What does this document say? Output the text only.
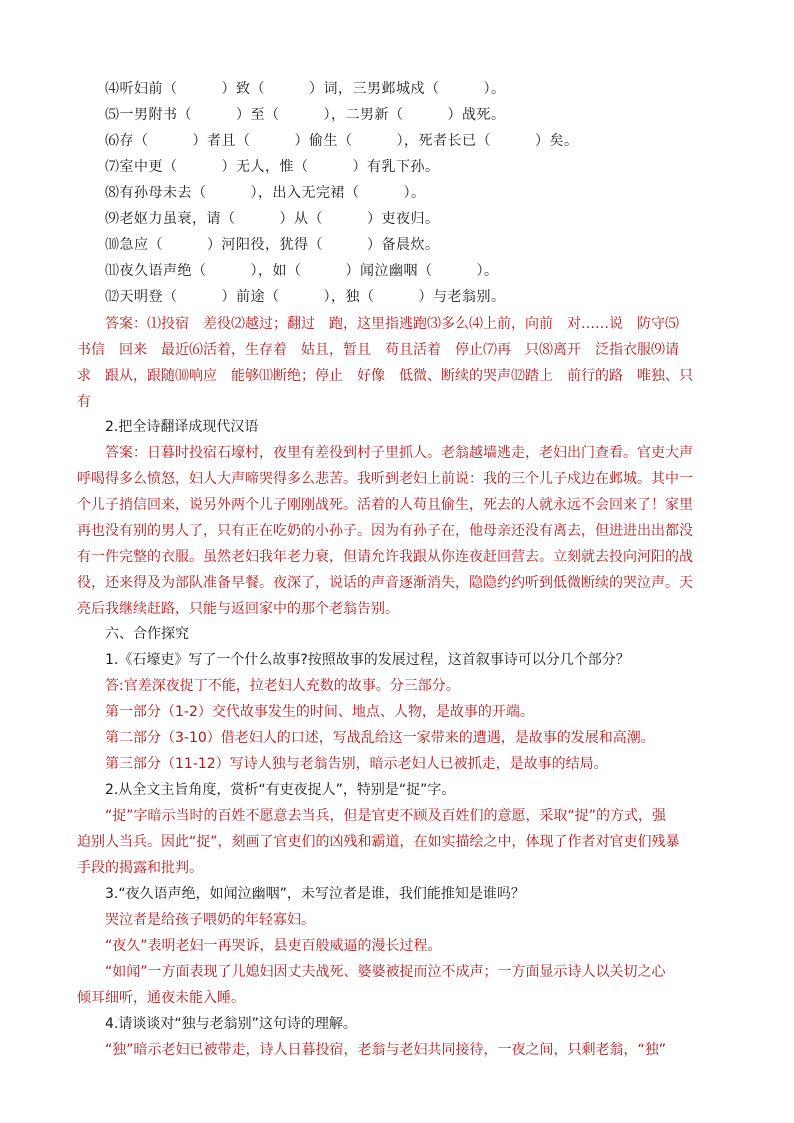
⑷听妇前（	）致（	）词，三男邺城戍（	）。
⑸一男附书（	）至（	），二男新（	）战死。
⑹存（	）者且（	）偷生（	），死者长已（	）矣。
⑺室中更（	）无人，惟（	）有乳下孙。
⑻有孙母未去（	），出入无完裙（	）。
⑼老妪力虽衰，请（	）从（	）吏夜归。
⑽急应（	）河阳役，犹得（	）备晨炊。
⑾夜久语声绝（	），如（	）闻泣幽咽（	）。
⑿天明登（	）前途（	），独（	）与老翁别。
答案：⑴投宿　差役⑵越过；翻过　跑，这里指逃跑⑶多么⑷上前，向前　对……说　防守⑸
书信　回来　最近⑹活着，生存着　姑且，暂且　苟且活着　停止⑺再　只⑻离开　泛指衣服⑼请
求　跟从，跟随⑽响应　能够⑾断绝；停止　好像　低微、断续的哭声⑿踏上　前行的路　唯独、只
有
2.把全诗翻译成现代汉语
答案：日暮时投宿石壕村，夜里有差役到村子里抓人。老翁越墙逃走，老妇出门查看。官吏大声
呼喝得多么愤怒，妇人大声啼哭得多么悲苦。我听到老妇上前说：我的三个儿子戍边在邺城。其中一
个儿子捎信回来，说另外两个儿子刚刚战死。活着的人苟且偷生，死去的人就永远不会回来了！家里
再也没有别的男人了，只有正在吃奶的小孙子。因为有孙子在，他母亲还没有离去，但进进出出都没
有一件完整的衣服。虽然老妇我年老力衰，但请允许我跟从你连夜赶回营去。立刻就去投向河阳的战
役，还来得及为部队准备早餐。夜深了，说话的声音逐渐消失，隐隐约约听到低微断续的哭泣声。天
亮后我继续赶路，只能与返回家中的那个老翁告别。
六、合作探究
1.《石壕吏》写了一个什么故事?按照故事的发展过程，这首叙事诗可以分几个部分？
答:官差深夜捉丁不能，拉老妇人充数的故事。分三部分。
第一部分（1-2）交代故事发生的时间、地点、人物，是故事的开端。
第二部分（3-10）借老妇人的口述，写战乱给这一家带来的遭遇，是故事的发展和高潮。
第三部分（11-12）写诗人独与老翁告别，暗示老妇人已被抓走，是故事的结局。
2.从全文主旨角度，赏析“有吏夜捉人”，特别是“捉”字。
“捉”字暗示当时的百姓不愿意去当兵，但是官吏不顾及百姓们的意愿，采取“捉”的方式，强
迫别人当兵。因此“捉”，刻画了官吏们的凶残和霸道，在如实描绘之中，体现了作者对官吏们残暴
手段的揭露和批判。
3.“夜久语声绝，如闻泣幽咽”，未写泣者是谁，我们能推知是谁吗？
哭泣者是给孩子喂奶的年轻寡妇。
“夜久”表明老妇一再哭诉，县吏百般威逼的漫长过程。
“如闻”一方面表现了儿媳妇因丈夫战死、婆婆被捉而泣不成声；一方面显示诗人以关切之心
倾耳细听，通夜未能入睡。
4.请谈谈对“独与老翁别”这句诗的理解。
“独”暗示老妇已被带走，诗人日暮投宿，老翁与老妇共同接待，一夜之间，只剩老翁，“独”
